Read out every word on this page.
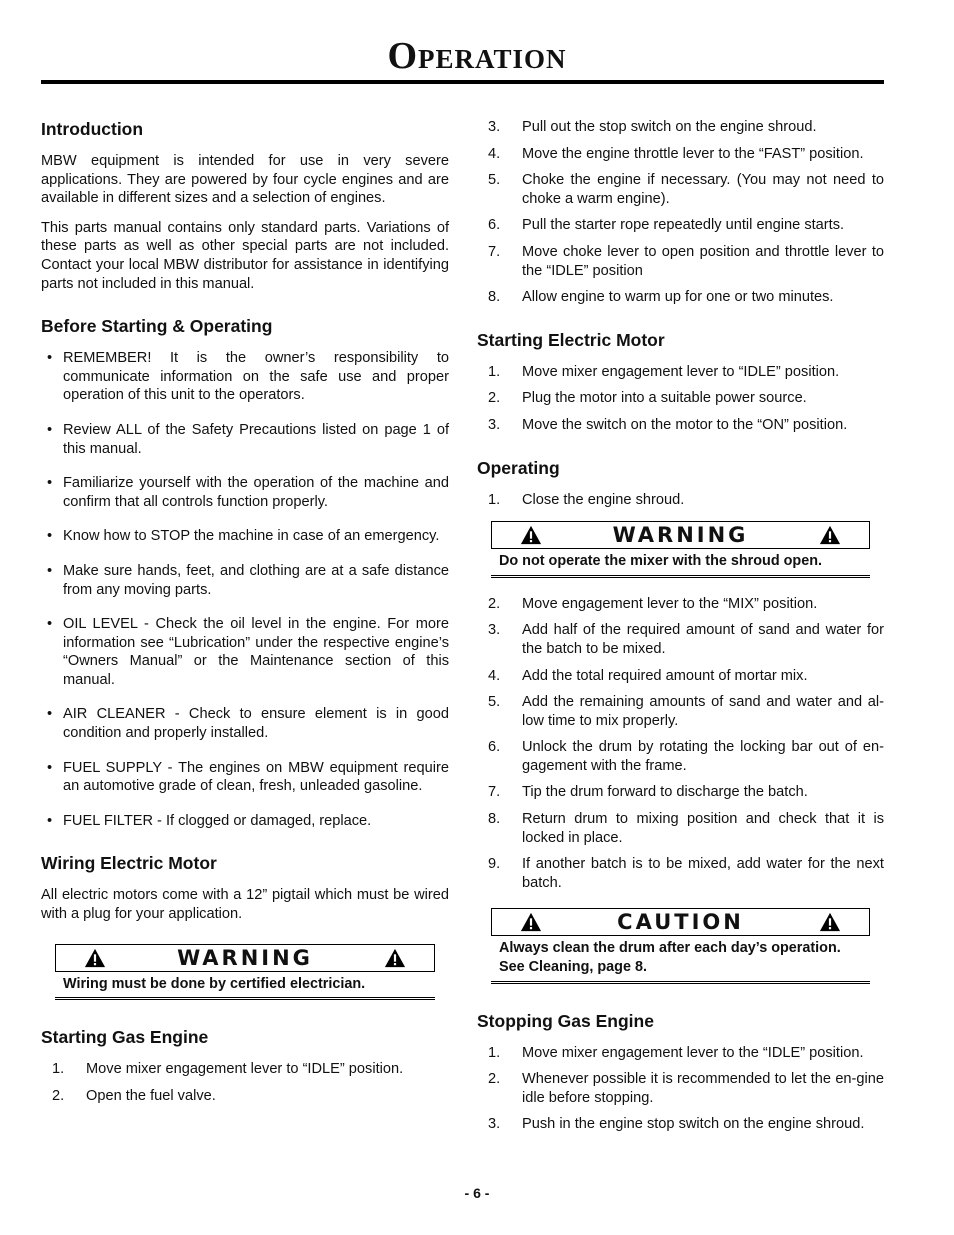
Operation
Introduction

MBW equipment is intended for use in very severe applications. They are powered by four cycle engines and are available in different sizes and a selection of engines.

This parts manual contains only standard parts. Variations of these parts as well as other special parts are not included. Contact your local MBW distributor for assistance in identifying parts not included in this manual.

Before Starting & Operating
• REMEMBER! It is the owner’s responsibility to communicate information on the safe use and proper operation of this unit to the operators.
• Review ALL of the Safety Precautions listed on page 1 of this manual.
• Familiarize yourself with the operation of the machine and confirm that all controls function properly.
• Know how to STOP the machine in case of an emergency.
• Make sure hands, feet, and clothing are at a safe distance from any moving parts.
• OIL LEVEL - Check the oil level in the engine. For more information see “Lubrication” under the respective engine’s “Owners Manual” or the Maintenance section of this manual.
• AIR CLEANER - Check to ensure element is in good condition and properly installed.
• FUEL SUPPLY - The engines on MBW equipment require an automotive grade of clean, fresh, unleaded gasoline.
• FUEL FILTER - If clogged or damaged, replace.
Wiring Electric Motor

All electric motors come with a 12” pigtail which must be wired with a plug for your application.

WARNING
Wiring must be done by certified electrician.
Starting Gas Engine
1. Move mixer engagement lever to “IDLE” position.
2. Open the fuel valve.
3. Pull out the stop switch on the engine shroud.
4. Move the engine throttle lever to the “FAST” position.
5. Choke the engine if necessary. (You may not need to choke a warm engine).
6. Pull the starter rope repeatedly until engine starts.
7. Move choke lever to open position and throttle lever to the “IDLE” position
8. Allow engine to warm up for one or two minutes.
Starting Electric Motor
1. Move mixer engagement lever to “IDLE” position.
2. Plug the motor into a suitable power source.
3. Move the switch on the motor to the “ON” position.
Operating
1. Close the engine shroud.
WARNING
Do not operate the mixer with the shroud open.
2. Move engagement lever to the “MIX” position.
3. Add half of the required amount of sand and water for the batch to be mixed.
4. Add the total required amount of mortar mix.
5. Add the remaining amounts of sand and water and al-low time to mix properly.
6. Unlock the drum by rotating the locking bar out of en-gagement with the frame.
7. Tip the drum forward to discharge the batch.
8. Return drum to mixing position and check that it is locked in place.
9. If another batch is to be mixed, add water for the next batch.
CAUTION
Always clean the drum after each day’s operation. See Cleaning, page 8.
Stopping Gas Engine
1. Move mixer engagement lever to the “IDLE” position.
2. Whenever possible it is recommended to let the en-gine idle before stopping.
3. Push in the engine stop switch on the engine shroud.
- 6 -
